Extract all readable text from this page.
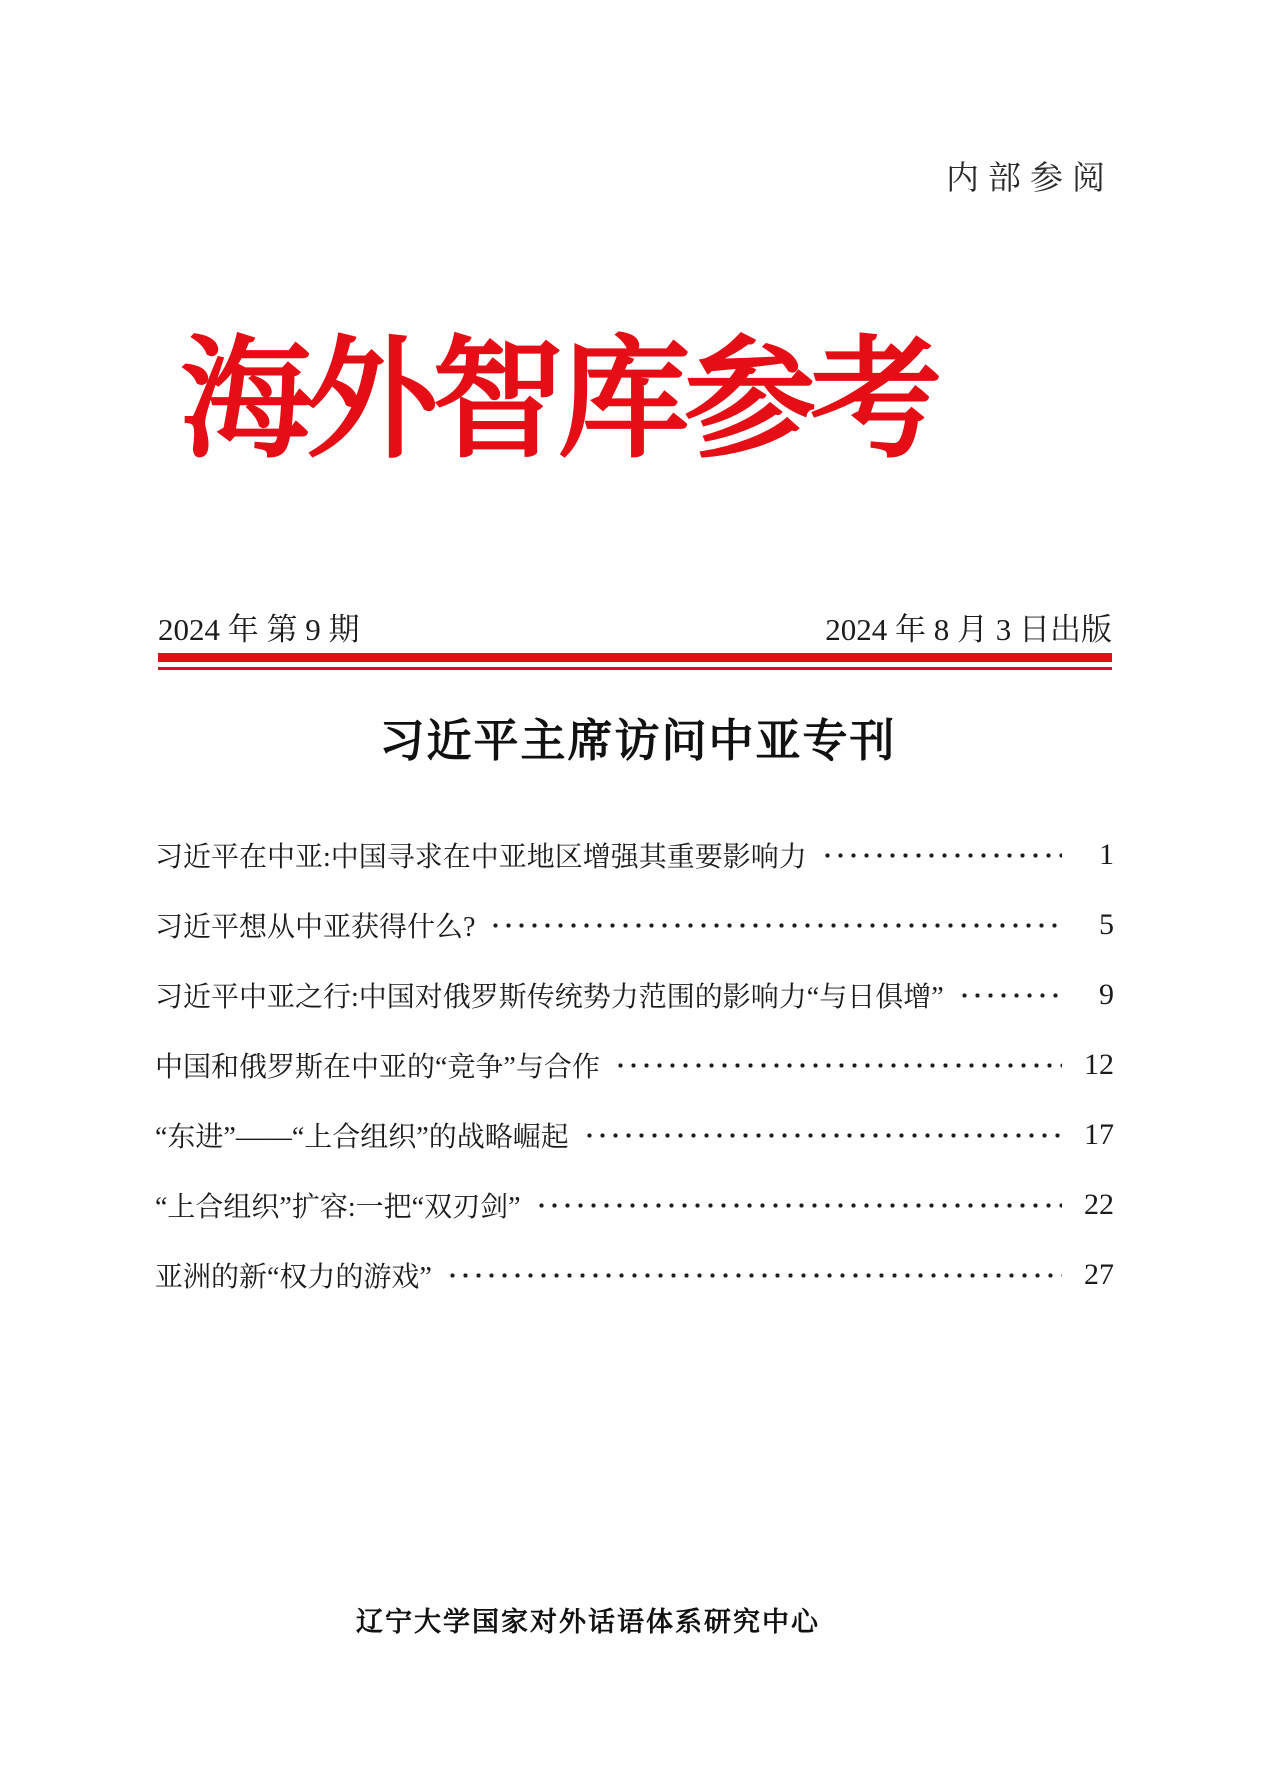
内部参阅
海外智库参考
2024 年 第 9 期	2024 年 8 月 3 日出版
习近平主席访问中亚专刊
习近平在中亚:中国寻求在中亚地区增强其重要影响力	1
习近平想从中亚获得什么?	5
习近平中亚之行:中国对俄罗斯传统势力范围的影响力“与日俱增”	9
中国和俄罗斯在中亚的“竞争”与合作	12
“东进”——“上合组织”的战略崛起	17
“上合组织”扩容:一把“双刃剑”	22
亚洲的新“权力的游戏”	27
辽宁大学国家对外话语体系研究中心
